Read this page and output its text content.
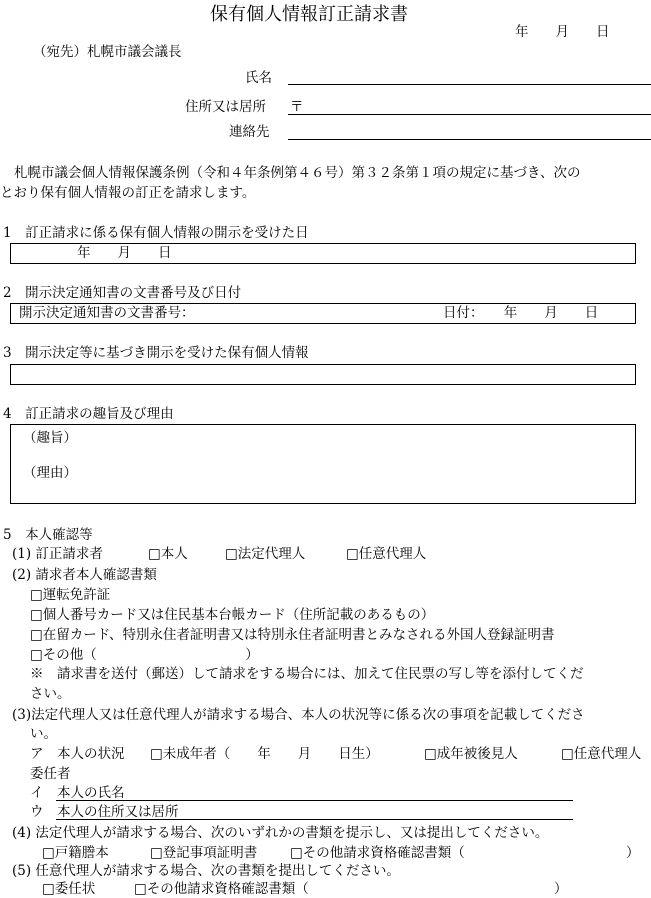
保有個人情報訂正請求書
年　　月　　日
（宛先）札幌市議会議長
氏名
住所又は居所 〒
連絡先
札幌市議会個人情報保護条例（令和４年条例第４６号）第３２条第１項の規定に基づき、次の
とおり保有個人情報の訂正を請求します。
1　訂正請求に係る保有個人情報の開示を受けた日
年　　月　　日
2　開示決定通知書の文書番号及び日付
開示決定通知書の文書番号：	日付：　　年　　月　　日
3　開示決定等に基づき開示を受けた保有個人情報
4　訂正請求の趣旨及び理由
（趣旨）
（理由）
5　本人確認等
(1) 訂正請求者	□本人	□法定代理人	□任意代理人
(2) 請求者本人確認書類
□運転免許証
□個人番号カード又は住民基本台帳カード（住所記載のあるもの）
□在留カード、特別永住者証明書又は特別永住者証明書とみなされる外国人登録証明書
□その他（　　　　　　　　　　　）
※　請求書を送付（郵送）して請求をする場合には、加えて住民票の写し等を添付してくだ
さい。
(3)法定代理人又は任意代理人が請求する場合、本人の状況等に係る次の事項を記載してくださ
い。
ア　本人の状況 □未成年者（　　年　　月　　日生）	□成年被後見人	□任意代理人
委任者
イ　本人の氏名
ウ　本人の住所又は居所
(4) 法定代理人が請求する場合、次のいずれかの書類を提示し、又は提出してください。
□戸籍謄本	□登記事項証明書 □その他請求資格確認書類（	）
(5) 任意代理人が請求する場合、次の書類を提出してください。
□委任状	□その他請求資格確認書類（	）
